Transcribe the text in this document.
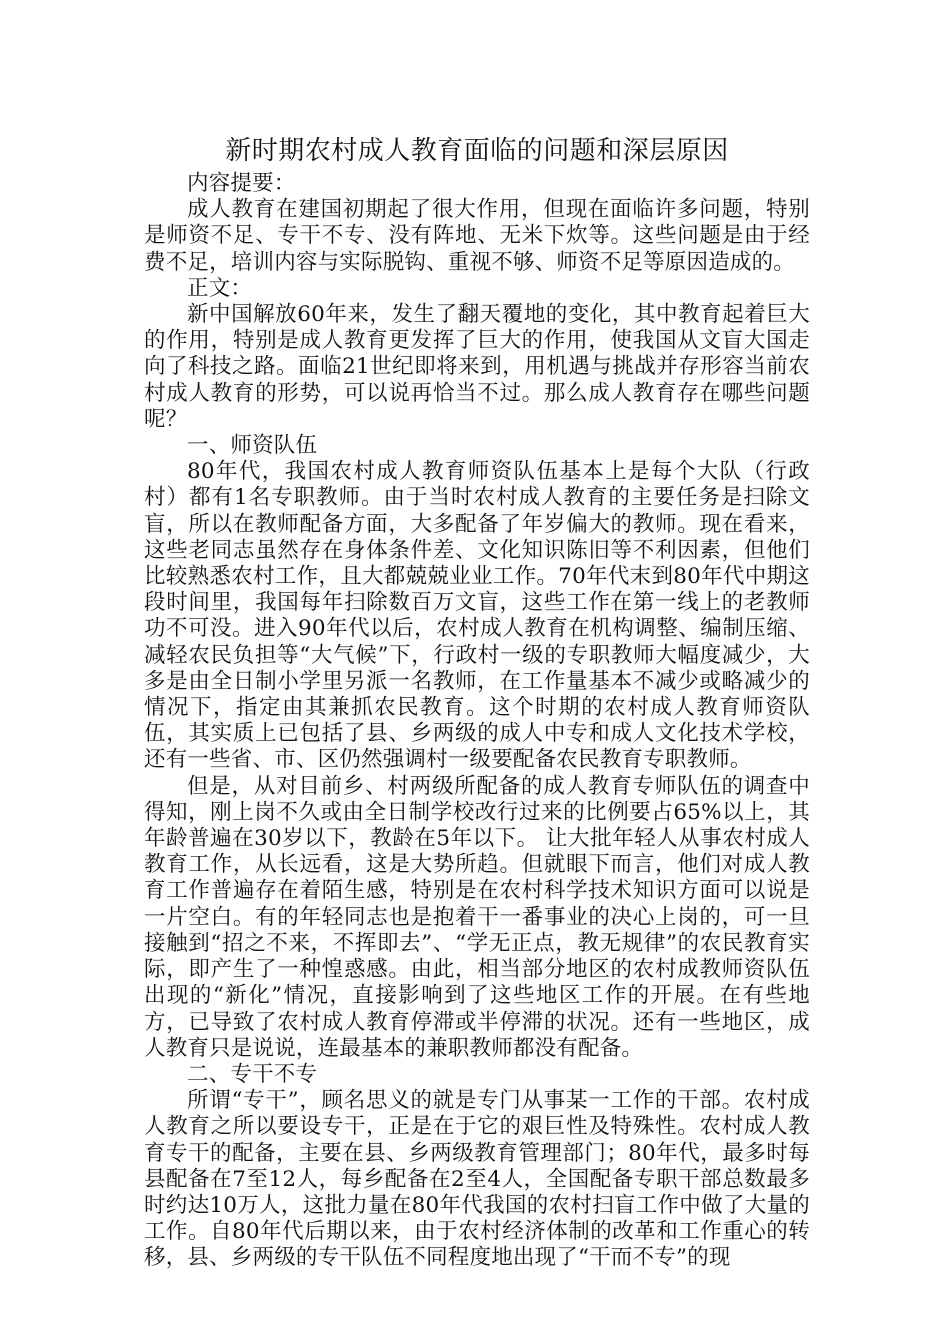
新时期农村成人教育面临的问题和深层原因

内容提要：

成人教育在建国初期起了很大作用，但现在面临许多问题，特别是师资不足、专干不专、没有阵地、无米下炊等。这些问题是由于经费不足，培训内容与实际脱钩、重视不够、师资不足等原因造成的。

正文：

新中国解放60年来，发生了翻天覆地的变化，其中教育起着巨大的作用，特别是成人教育更发挥了巨大的作用，使我国从文盲大国走向了科技之路。面临21世纪即将来到，用机遇与挑战并存形容当前农村成人教育的形势，可以说再恰当不过。那么成人教育存在哪些问题呢？

一、师资队伍

80年代，我国农村成人教育师资队伍基本上是每个大队（行政村）都有1名专职教师。由于当时农村成人教育的主要任务是扫除文盲，所以在教师配备方面，大多配备了年岁偏大的教师。现在看来，这些老同志虽然存在身体条件差、文化知识陈旧等不利因素，但他们比较熟悉农村工作，且大都兢兢业业工作。70年代末到80年代中期这段时间里，我国每年扫除数百万文盲，这些工作在第一线上的老教师功不可没。进入90年代以后，农村成人教育在机构调整、编制压缩、减轻农民负担等“大气候”下，行政村一级的专职教师大幅度减少，大多是由全日制小学里另派一名教师，在工作量基本不减少或略减少的情况下，指定由其兼抓农民教育。这个时期的农村成人教育师资队伍，其实质上已包括了县、乡两级的成人中专和成人文化技术学校，还有一些省、市、区仍然强调村一级要配备农民教育专职教师。

但是，从对目前乡、村两级所配备的成人教育专师队伍的调查中得知，刚上岗不久或由全日制学校改行过来的比例要占65%以上，其年龄普遍在30岁以下，教龄在5年以下。 让大批年轻人从事农村成人教育工作，从长远看，这是大势所趋。但就眼下而言，他们对成人教育工作普遍存在着陌生感，特别是在农村科学技术知识方面可以说是一片空白。有的年轻同志也是抱着干一番事业的决心上岗的，可一旦接触到“招之不来，不挥即去”、“学无正点，教无规律”的农民教育实际，即产生了一种惶惑感。由此，相当部分地区的农村成教师资队伍出现的“新化”情况，直接影响到了这些地区工作的开展。在有些地方，已导致了农村成人教育停滞或半停滞的状况。还有一些地区，成人教育只是说说，连最基本的兼职教师都没有配备。

二、专干不专

所谓“专干”，顾名思义的就是专门从事某一工作的干部。农村成人教育之所以要设专干，正是在于它的艰巨性及特殊性。农村成人教育专干的配备，主要在县、乡两级教育管理部门；80年代，最多时每县配备在7至12人，每乡配备在2至4人，全国配备专职干部总数最多时约达10万人，这批力量在80年代我国的农村扫盲工作中做了大量的工作。自80年代后期以来，由于农村经济体制的改革和工作重心的转移，县、乡两级的专干队伍不同程度地出现了“干而不专”的现
